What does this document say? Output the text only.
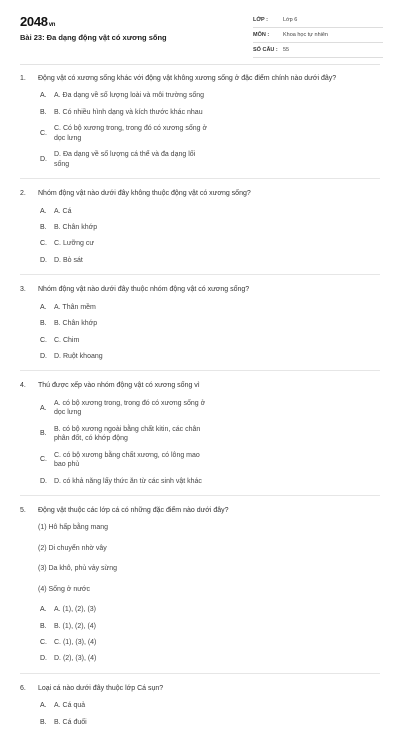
2048vn
Bài 23: Đa dạng động vật có xương sống
LỚP :	Lớp 6
MÔN :	Khoa học tự nhiên
SỐ CÂU : 55
1.	Động vật có xương sống khác với động vật không xương sống ở đặc điểm chính nào dưới đây?
A.	A. Đa dạng về số lượng loài và môi trường sống
B.	B. Có nhiều hình dạng và kích thước khác nhau
C.
C. Có bộ xương trong, trong đó có xương sống ở dọc lưng
D.
D. Đa dạng về số lượng cá thể và đa dạng lối sống
2.	Nhóm động vật nào dưới đây không thuộc động vật có xương sống?
A.	A. Cá
B.	B. Chân khớp
C.	C. Lưỡng cư
D.	D. Bò sát
3.	Nhóm động vật nào dưới đây thuộc nhóm động vật có xương sống?
A.	A. Thân mềm
B.	B. Chân khớp
C.	C. Chim
D.	D. Ruột khoang
4.	Thú được xếp vào nhóm động vật có xương sống vì
A.
A. có bộ xương trong, trong đó có xương sống ở dọc lưng
B.
B. có bộ xương ngoài bằng chất kitin, các chân phân đốt, có khớp động
C.
C. có bộ xương bằng chất xương, có lông mao bao phủ
D.	D. có khả năng lấy thức ăn từ các sinh vật khác
5.	Động vật thuộc các lớp cá có những đặc điểm nào dưới đây?
(1) Hô hấp bằng mang
(2) Di chuyển nhờ vây
(3) Da khô, phủ vảy sừng
(4) Sống ở nước
A.	A. (1), (2), (3)
B.	B. (1), (2), (4)
C.	C. (1), (3), (4)
D.	D. (2), (3), (4)
6.	Loại cá nào dưới đây thuộc lớp Cá sụn?
A.	A. Cá quả
B.	B. Cá đuối
